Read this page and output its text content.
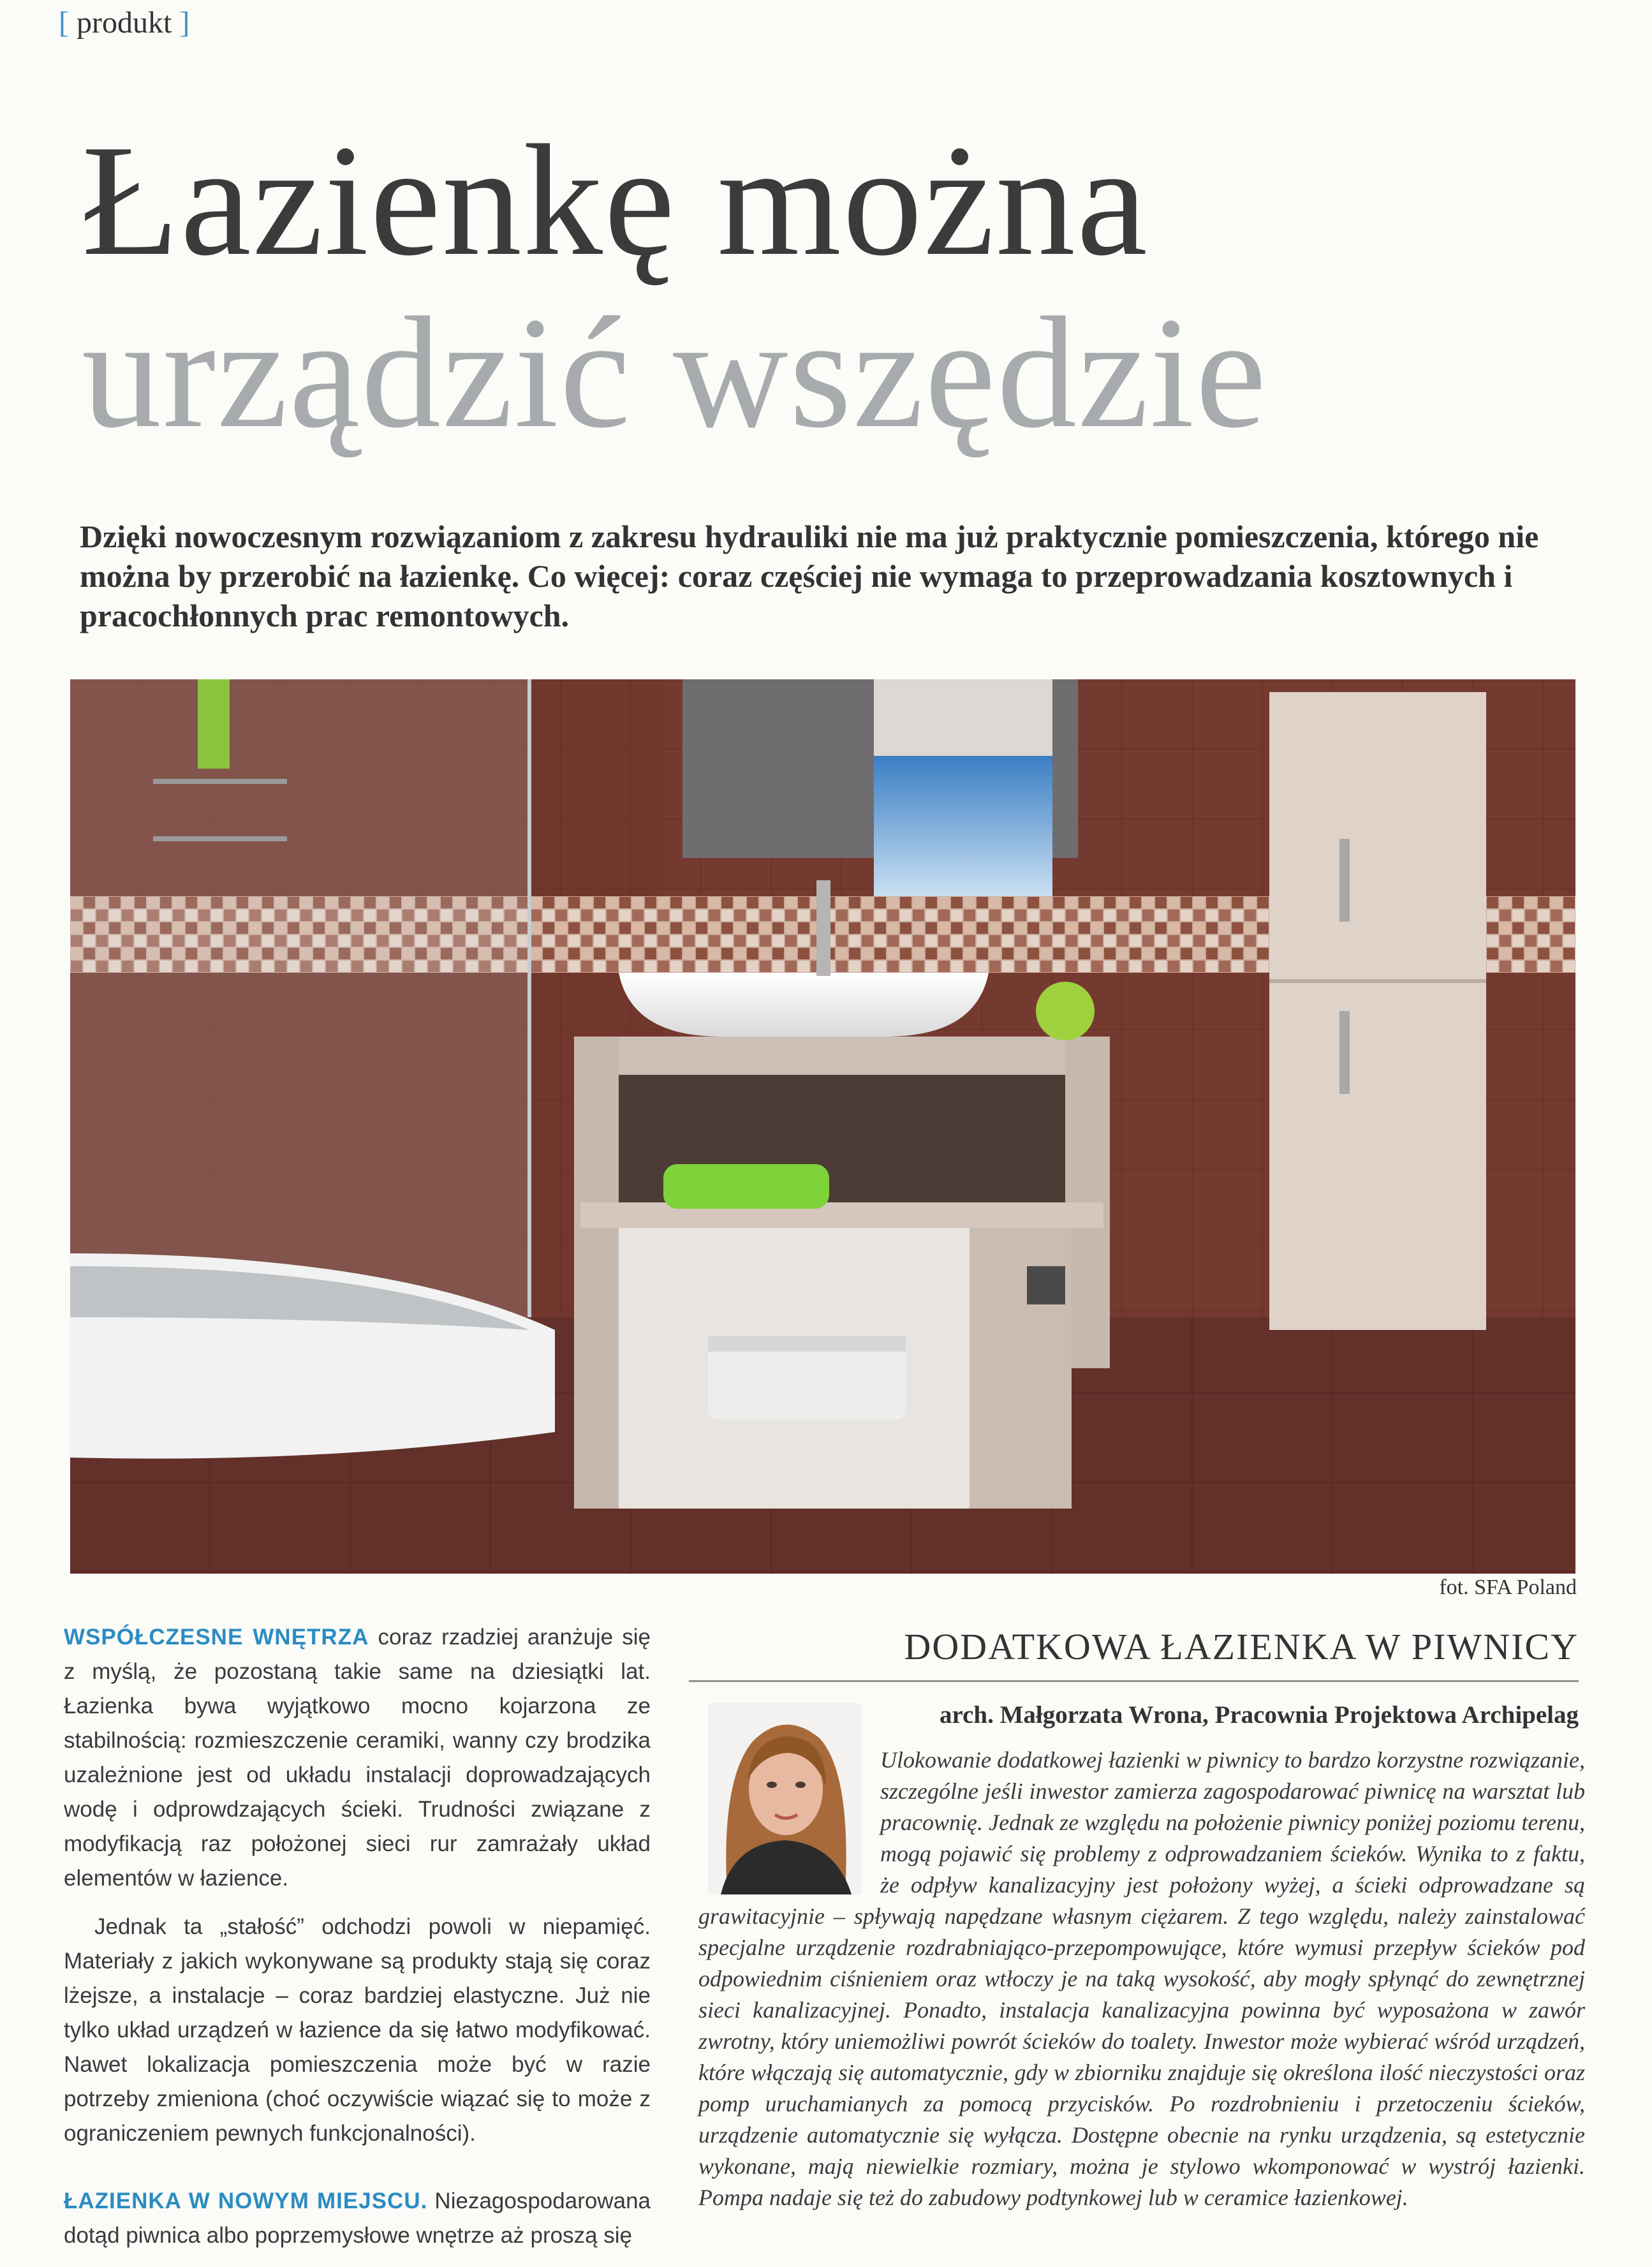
[ produkt ]
Łazienkę można
urządzić wszędzie
Dzięki nowoczesnym rozwiązaniom z zakresu hydrauliki nie ma już praktycznie pomieszczenia, którego nie można by przerobić na łazienkę. Co więcej: coraz częściej nie wymaga to przeprowadzania kosztownych i pracochłonnych prac remontowych.
fot. SFA Poland

WSPÓŁCZESNE WNĘTRZA coraz rzadziej aranżuje się z myślą, że pozostaną takie same na dziesiątki lat. Łazienka bywa wyjątkowo mocno kojarzona ze stabilnością: rozmieszczenie ceramiki, wanny czy brodzika uzależnione jest od układu instalacji doprowadzających wodę i odprowdzających ścieki. Trudności związane z modyfikacją raz położonej sieci rur zamrażały układ elementów w łazience.

Jednak ta „stałość” odchodzi powoli w niepamięć. Materiały z jakich wykonywane są produkty stają się coraz lżejsze, a instalacje – coraz bardziej elastyczne. Już nie tylko układ urządzeń w łazience da się łatwo modyfikować. Nawet lokalizacja pomieszczenia może być w razie potrzeby zmieniona (choć oczywiście wiązać się to może z ograniczeniem pewnych funkcjonalności).

ŁAZIENKA W NOWYM MIEJSCU. Niezagospodarowana dotąd piwnica albo poprzemysłowe wnętrze aż proszą się

DODATKOWA ŁAZIENKA W PIWNICY
arch. Małgorzata Wrona, Pracownia Projektowa Archipelag
Ulokowanie dodatkowej łazienki w piwnicy to bardzo korzystne rozwiązanie, szczególne jeśli inwestor zamierza zagospodarować piwnicę na warsztat lub pracownię. Jednak ze względu na położenie piwnicy poniżej poziomu terenu, mogą pojawić się problemy z odprowadzaniem ścieków. Wynika to z faktu, że odpływ kanalizacyjny jest położony wyżej, a ścieki odprowadzane są grawitacyjnie – spływają napędzane własnym ciężarem. Z tego względu, należy zainstalować specjalne urządzenie rozdrabniająco-przepompowujące, które wymusi przepływ ścieków pod odpowiednim ciśnieniem oraz wtłoczy je na taką wysokość, aby mogły spłynąć do zewnętrznej sieci kanalizacyjnej. Ponadto, instalacja kanalizacyjna powinna być wyposażona w zawór zwrotny, który uniemożliwi powrót ścieków do toalety. Inwestor może wybierać wśród urządzeń, które włączają się automatycznie, gdy w zbiorniku znajduje się określona ilość nieczystości oraz pomp uruchamianych za pomocą przycisków. Po rozdrobnieniu i przetoczeniu ścieków, urządzenie automatycznie się wyłącza. Dostępne obecnie na rynku urządzenia, są estetycznie wykonane, mają niewielkie rozmiary, można je stylowo wkomponować w wystrój łazienki. Pompa nadaje się też do zabudowy podtynkowej lub w ceramice łazienkowej.
